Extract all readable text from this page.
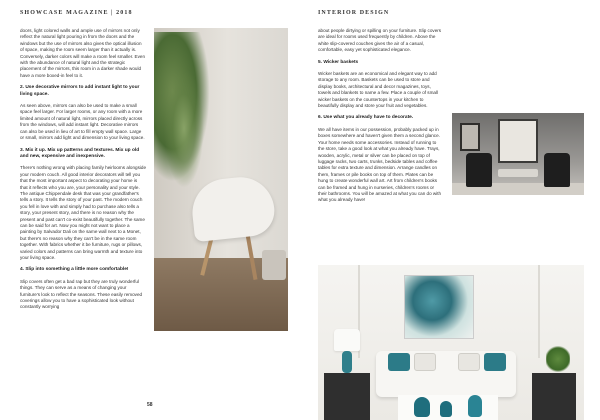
SHOWCASE MAGAZINE | 2018	INTERIOR DESIGN

doors, light colored walls and ample use of mirrors not only reflect the natural light pouring in from the doors and the windows but the use of mirrors also gives the optical illusion of space, making the room seem larger than it actually is. Conversely, darker colors will make a room feel smaller. Even with the abundance of natural light and the strategic placement of the mirrors, this room in a darker shade would have a more boxed-in feel to it.

2. Use decorative mirrors to add instant light to your living space.

As seen above, mirrors can also be used to make a small space feel larger. For larger rooms, or any room with a more limited amount of natural light, mirrors placed directly across from the windows, will add instant light. Decorative mirrors can also be used in lieu of art to fill empty wall space. Large or small, mirrors add light and dimension to your living space.

3. Mix it up. Mix up patterns and textures. Mix up old and new, expensive and inexpensive.

There's nothing wrong with placing family heirlooms alongside your modern couch. All good interior decorators will tell you that the most important aspect to decorating your home is that it reflects who you are, your personality and your style. The antique Chippendale desk that was your grandfather's tells a story. It tells the story of your past. The modern couch you fell in love with and simply had to purchase also tells a story, your present story, and there is no reason why the present and past can't co-exist beautifully together. The same can be said for art. Now you might not want to place a painting by Salvador Dali on the same wall next to a Monet, but there's no reason why they can't be in the same room together. With fabrics whether it be furniture, rugs or pillows, varied colors and patterns can bring warmth and texture into your living space.

4. Slip into something a little more comfortable!

Slip covers often get a bad rap but they are truly wonderful things. They can serve as a means of changing your furniture's look to reflect the seasons. These easily removed coverings allow you to have a sophisticated look without constantly worrying

about people dirtying or spilling on your furniture. Slip covers are ideal for rooms used frequently by children. Above the white slip-covered couches gives the air of a casual, comfortable, easy yet sophisticated elegance.

5. Wicker baskets

Wicker baskets are an economical and elegant way to add storage to any room. Baskets can be used to store and display books, architectural and decor magazines, toys, towels and blankets to name a few. Place a couple of small wicker baskets on the countertops in your kitchen to beautifully display and store your fruit and vegetables.

6. Use what you already have to decorate.

We all have items in our possession, probably packed up in boxes somewhere and haven't given them a second glance. Your home needs some accessories. Instead of running to the store, take a good look at what you already have. Trays, wooden, acrylic, metal or silver can be placed on top of luggage racks, two carts, trunks, bedside tables and coffee tables for extra texture and dimension. Arrange candles on them, frames or pile books on top of them. Plates can be hung to create wonderful wall art. Art from children's books can be framed and hung in nurseries, children's rooms or their bathrooms. You will be amazed at what you can do with what you already have!

58
